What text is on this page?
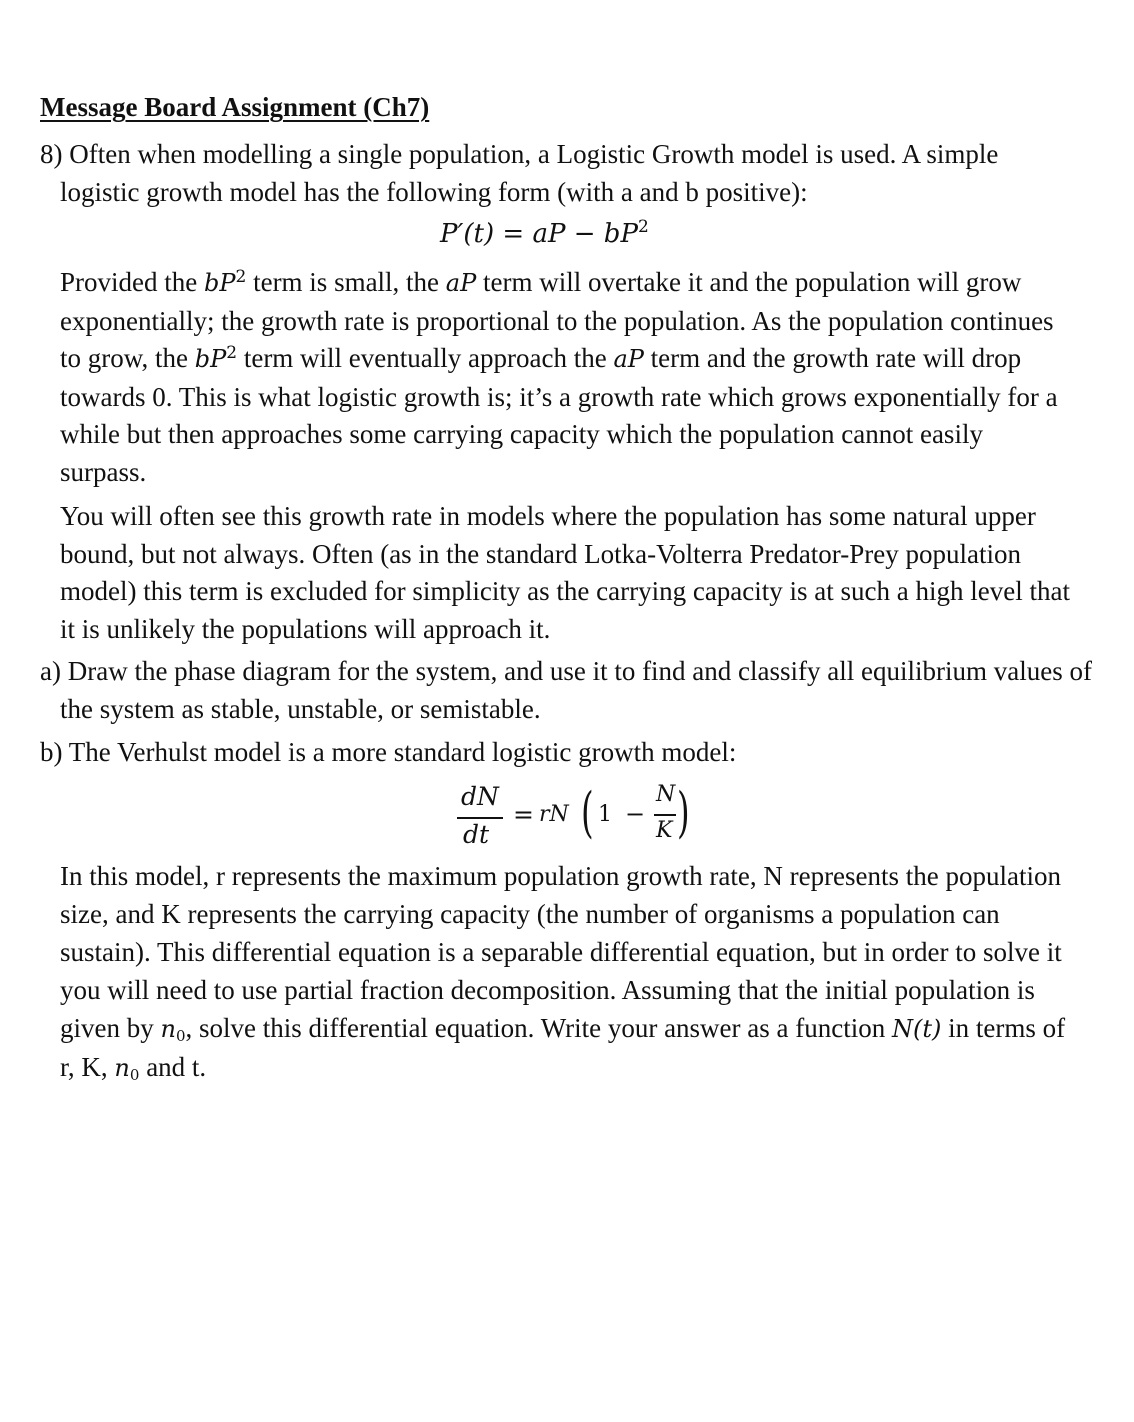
Message Board Assignment (Ch7)

8) Often when modelling a single population, a Logistic Growth model is used. A simple logistic growth model has the following form (with a and b positive):

P′(t) = aP − $bP^2$

Provided the $bP^2$ term is small, the aP term will overtake it and the population will grow exponentially; the growth rate is proportional to the population. As the population continues to grow, the $bP^2$ term will eventually approach the aP term and the growth rate will drop towards 0. This is what logistic growth is; it’s a growth rate which grows exponentially for a while but then approaches some carrying capacity which the population cannot easily surpass.

You will often see this growth rate in models where the population has some natural upper bound, but not always. Often (as in the standard Lotka-Volterra Predator-Prey population model) this term is excluded for simplicity as the carrying capacity is at such a high level that it is unlikely the populations will approach it.

a) Draw the phase diagram for the system, and use it to find and classify all equilibrium values of the system as stable, unstable, or semistable.

b) The Verhulst model is a more standard logistic growth model:

dN
dt
= rN ( 1 −
N
K )

In this model, r represents the maximum population growth rate, N represents the population size, and K represents the carrying capacity (the number of organisms a population can sustain). This differential equation is a separable differential equation, but in order to solve it you will need to use partial fraction decomposition. Assuming that the initial population is given by $n_0$, solve this differential equation. Write your answer as a function N(t) in terms of r, K, $n_0$ and t.
